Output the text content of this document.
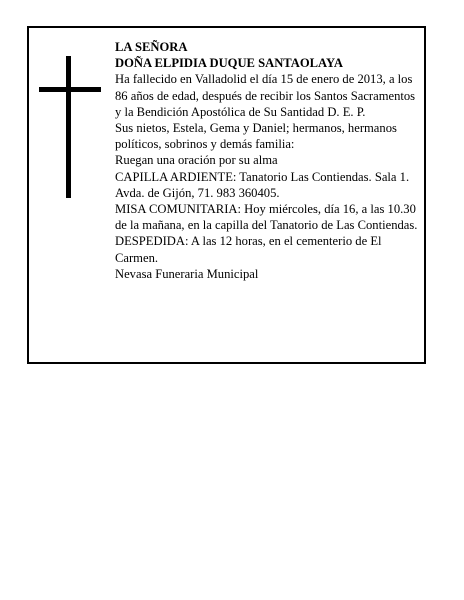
LA SEÑORA

DOÑA ELPIDIA DUQUE SANTAOLAYA

Ha fallecido en Valladolid el día 15 de enero de 2013, a los 86 años de edad, después de recibir los Santos Sacramentos y la Bendición Apostólica de Su Santidad D. E. P.

Sus nietos, Estela, Gema y Daniel; hermanos, hermanos políticos, sobrinos y demás familia:

Ruegan una oración por su alma

CAPILLA ARDIENTE: Tanatorio Las Contiendas. Sala 1. Avda. de Gijón, 71. 983 360405.

MISA COMUNITARIA: Hoy miércoles, día 16, a las 10.30 de la mañana, en la capilla del Tanatorio de Las Contiendas. DESPEDIDA: A las 12 horas, en el cementerio de El Carmen.

Nevasa Funeraria Municipal
